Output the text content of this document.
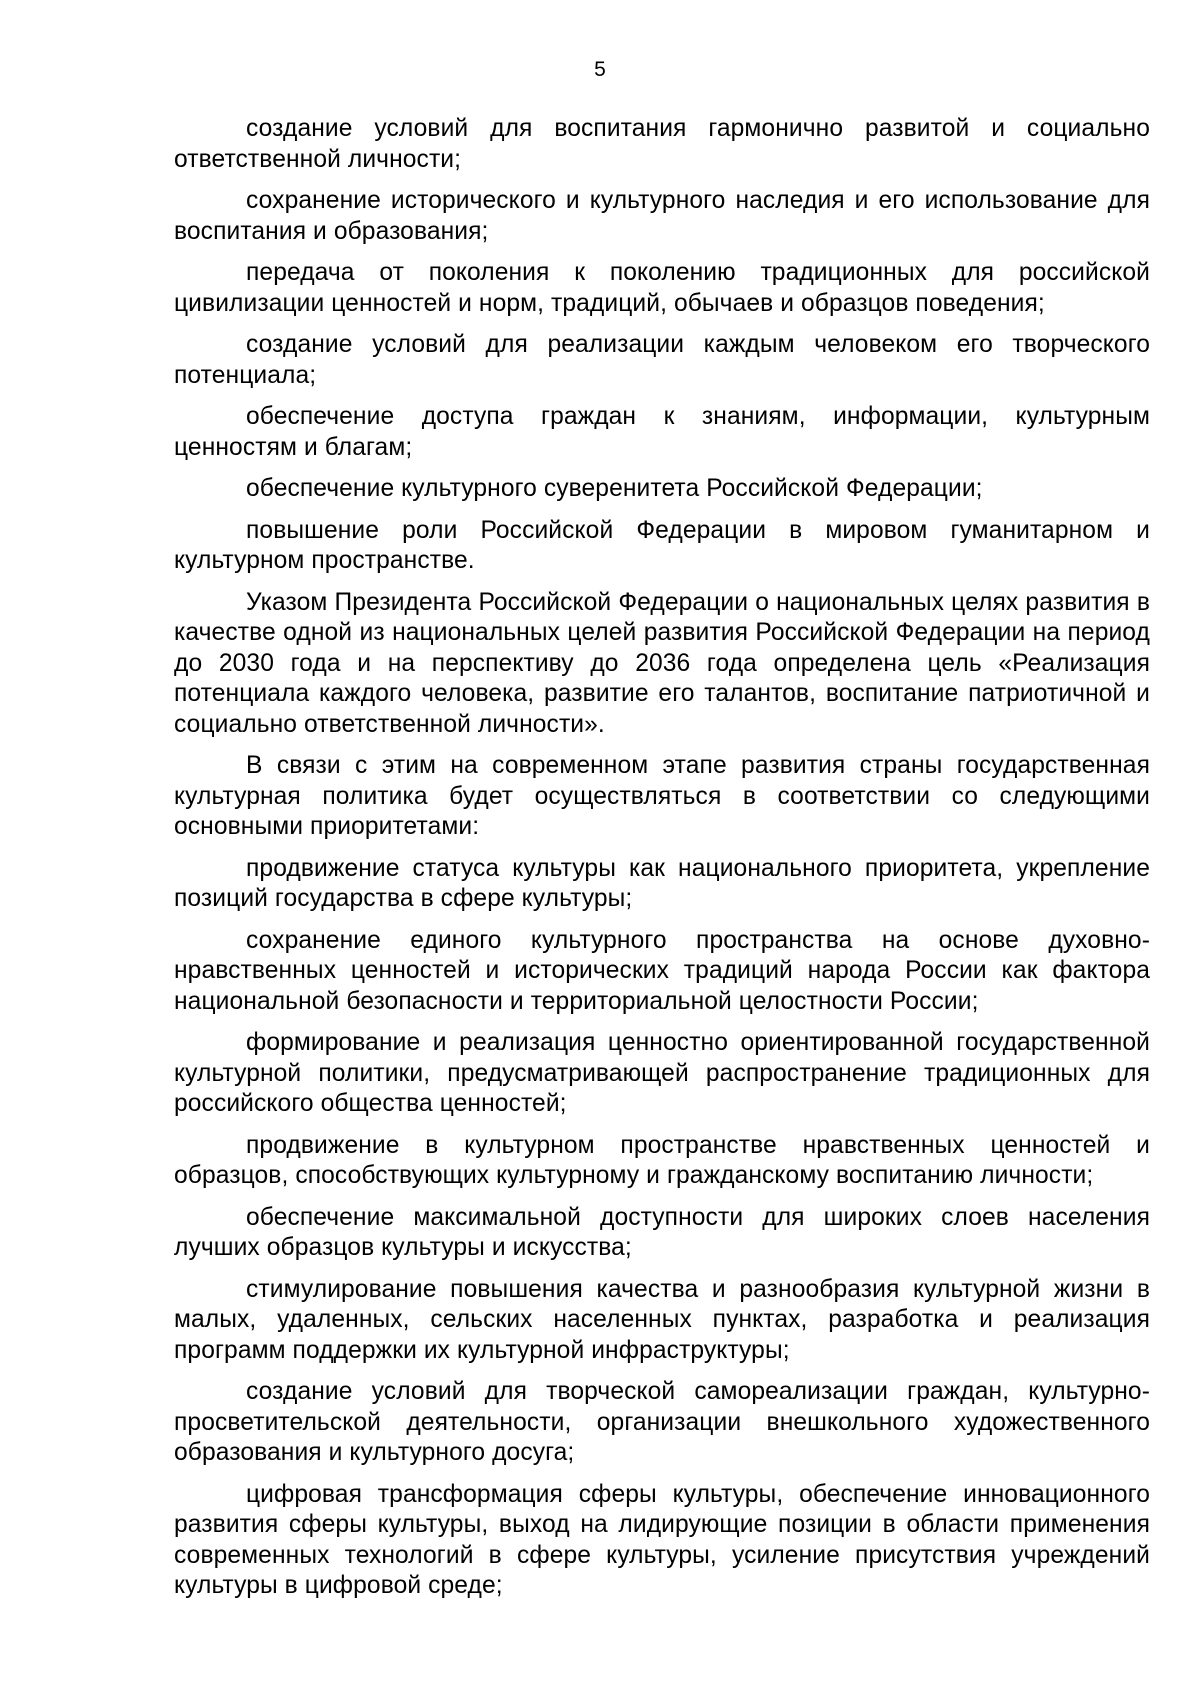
5

создание условий для воспитания гармонично развитой и социально ответственной личности;

сохранение исторического и культурного наследия и его использование для воспитания и образования;

передача от поколения к поколению традиционных для российской цивилизации ценностей и норм, традиций, обычаев и образцов поведения;

создание условий для реализации каждым человеком его творческого потенциала;

обеспечение доступа граждан к знаниям, информации, культурным ценностям и благам;

обеспечение культурного суверенитета Российской Федерации;

повышение роли Российской Федерации в мировом гуманитарном и культурном пространстве.

Указом Президента Российской Федерации о национальных целях развития в качестве одной из национальных целей развития Российской Федерации на период до 2030 года и на перспективу до 2036 года определена цель «Реализация потенциала каждого человека, развитие его талантов, воспитание патриотичной и социально ответственной личности».

В связи с этим на современном этапе развития страны государственная культурная политика будет осуществляться в соответствии со следующими основными приоритетами:

продвижение статуса культуры как национального приоритета, укрепление позиций государства в сфере культуры;

сохранение единого культурного пространства на основе духовно-нравственных ценностей и исторических традиций народа России как фактора национальной безопасности и территориальной целостности России;

формирование и реализация ценностно ориентированной государственной культурной политики, предусматривающей распространение традиционных для российского общества ценностей;

продвижение в культурном пространстве нравственных ценностей и образцов, способствующих культурному и гражданскому воспитанию личности;

обеспечение максимальной доступности для широких слоев населения лучших образцов культуры и искусства;

стимулирование повышения качества и разнообразия культурной жизни в малых, удаленных, сельских населенных пунктах, разработка и реализация программ поддержки их культурной инфраструктуры;

создание условий для творческой самореализации граждан, культурно-просветительской деятельности, организации внешкольного художественного образования и культурного досуга;

цифровая трансформация сферы культуры, обеспечение инновационного развития сферы культуры, выход на лидирующие позиции в области применения современных технологий в сфере культуры, усиление присутствия учреждений культуры в цифровой среде;
